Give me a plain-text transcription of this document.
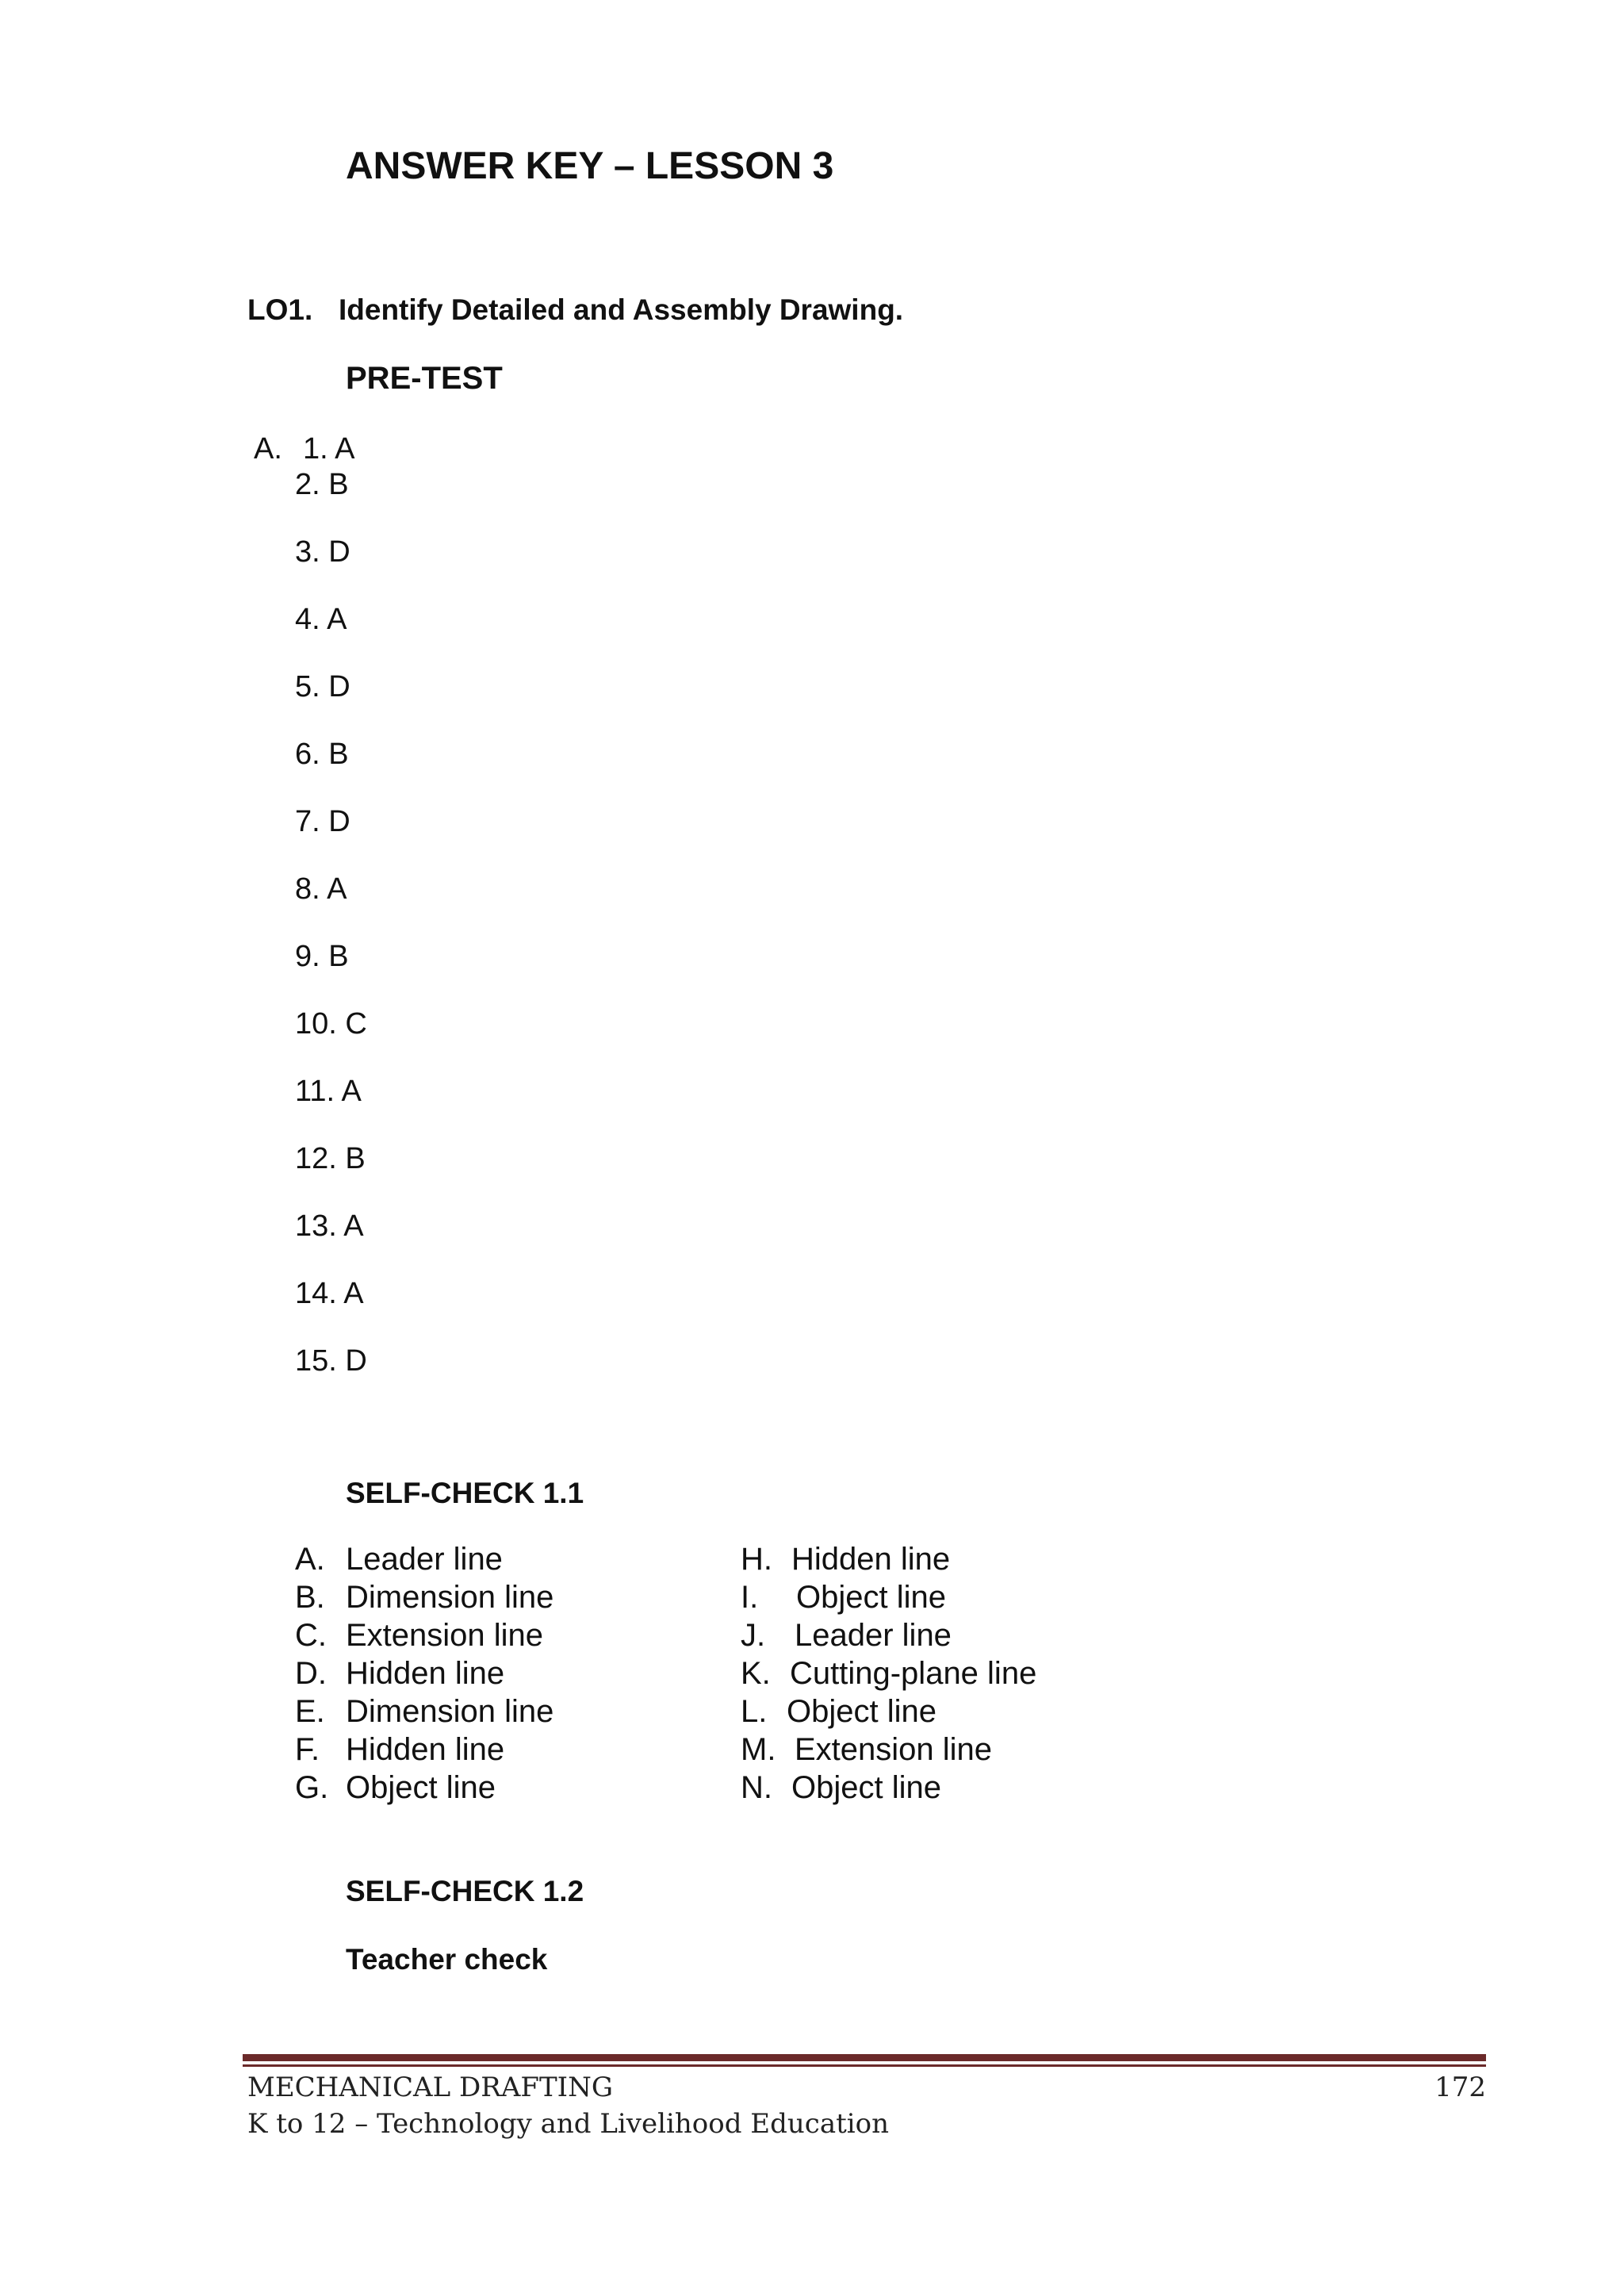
ANSWER KEY – LESSON 3
LO1. Identify Detailed and Assembly Drawing.
PRE-TEST
A. 1. A
2. B
3. D
4. A
5. D
6. B
7. D
8. A
9. B
10. C
11. A
12. B
13. A
14. A
15. D
SELF-CHECK 1.1
A. Leader line
B. Dimension line
C. Extension line
D. Hidden line
E. Dimension line
F. Hidden line
G. Object line
H. Hidden line
I. Object line
J. Leader line
K. Cutting-plane line
L. Object line
M. Extension line
N. Object line
SELF-CHECK 1.2
Teacher check
MECHANICAL DRAFTING	172
K to 12 – Technology and Livelihood Education
